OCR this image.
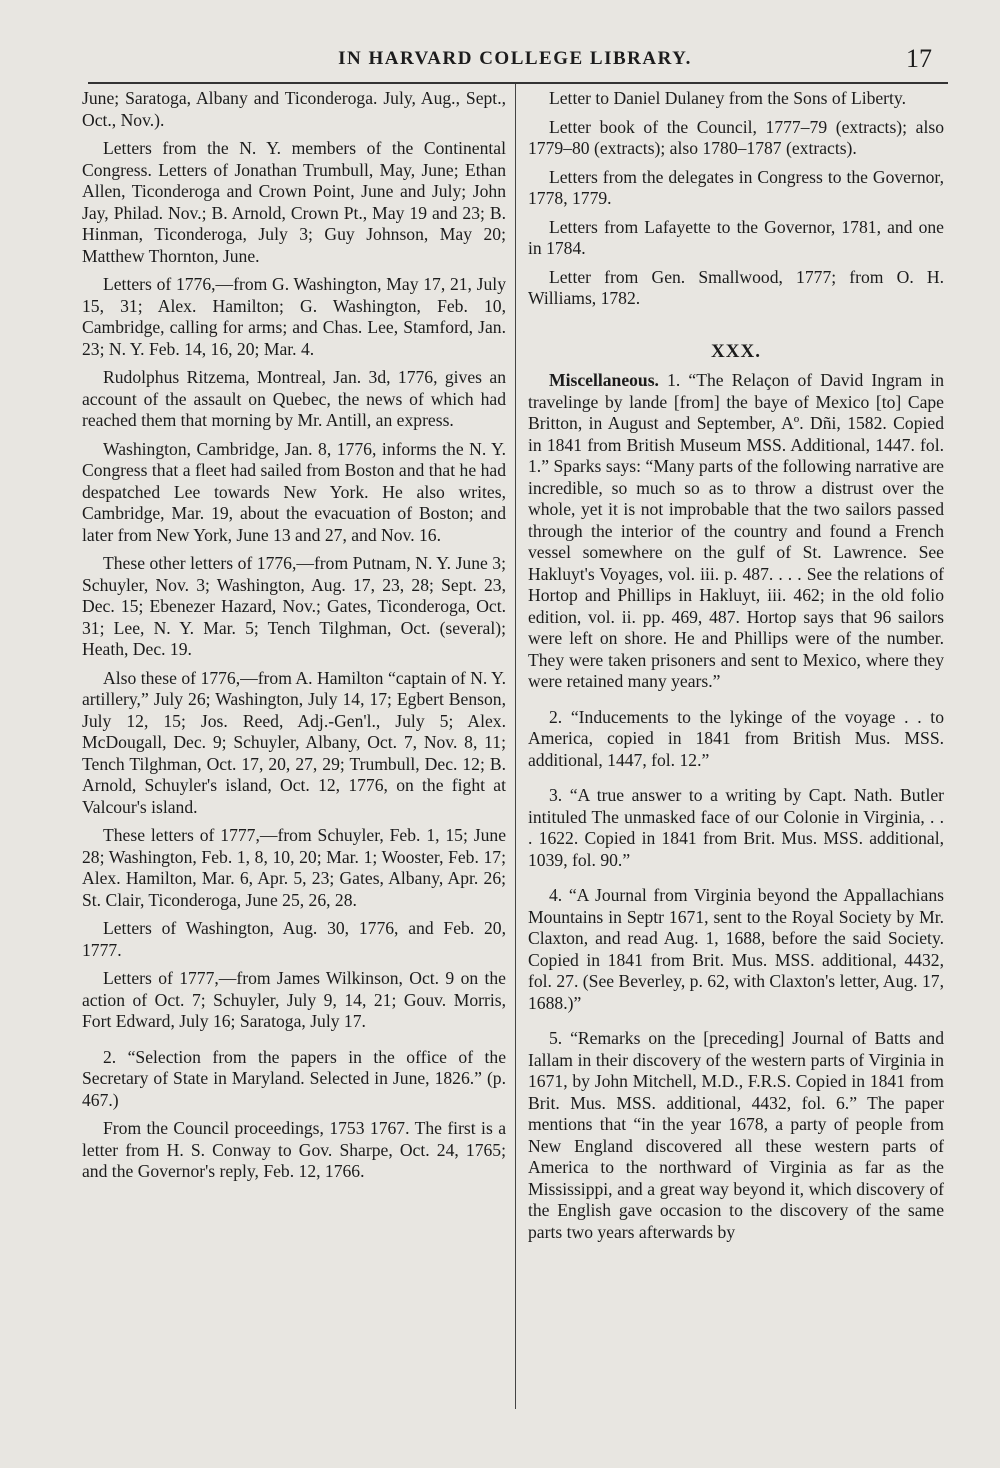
IN HARVARD COLLEGE LIBRARY.	17

June; Saratoga, Albany and Ticonderoga. July, Aug., Sept., Oct., Nov.).

Letters from the N. Y. members of the Continental Congress. Letters of Jonathan Trumbull, May, June; Ethan Allen, Ticonderoga and Crown Point, June and July; John Jay, Philad. Nov.; B. Arnold, Crown Pt., May 19 and 23; B. Hinman, Ticonderoga, July 3; Guy Johnson, May 20; Matthew Thornton, June.

Letters of 1776,—from G. Washington, May 17, 21, July 15, 31; Alex. Hamilton; G. Washington, Feb. 10, Cambridge, calling for arms; and Chas. Lee, Stamford, Jan. 23; N. Y. Feb. 14, 16, 20; Mar. 4.

Rudolphus Ritzema, Montreal, Jan. 3d, 1776, gives an account of the assault on Quebec, the news of which had reached them that morning by Mr. Antill, an express.

Washington, Cambridge, Jan. 8, 1776, informs the N. Y. Congress that a fleet had sailed from Boston and that he had despatched Lee towards New York. He also writes, Cambridge, Mar. 19, about the evacuation of Boston; and later from New York, June 13 and 27, and Nov. 16.

These other letters of 1776,—from Putnam, N. Y. June 3; Schuyler, Nov. 3; Washington, Aug. 17, 23, 28; Sept. 23, Dec. 15; Ebenezer Hazard, Nov.; Gates, Ticonderoga, Oct. 31; Lee, N. Y. Mar. 5; Tench Tilghman, Oct. (several); Heath, Dec. 19.

Also these of 1776,—from A. Hamilton “captain of N. Y. artillery,” July 26; Washington, July 14, 17; Egbert Benson, July 12, 15; Jos. Reed, Adj.-Gen'l., July 5; Alex. McDougall, Dec. 9; Schuyler, Albany, Oct. 7, Nov. 8, 11; Tench Tilghman, Oct. 17, 20, 27, 29; Trumbull, Dec. 12; B. Arnold, Schuyler's island, Oct. 12, 1776, on the fight at Valcour's island.

These letters of 1777,—from Schuyler, Feb. 1, 15; June 28; Washington, Feb. 1, 8, 10, 20; Mar. 1; Wooster, Feb. 17; Alex. Hamilton, Mar. 6, Apr. 5, 23; Gates, Albany, Apr. 26; St. Clair, Ticonderoga, June 25, 26, 28.

Letters of Washington, Aug. 30, 1776, and Feb. 20, 1777.

Letters of 1777,—from James Wilkinson, Oct. 9 on the action of Oct. 7; Schuyler, July 9, 14, 21; Gouv. Morris, Fort Edward, July 16; Saratoga, July 17.

2. “Selection from the papers in the office of the Secretary of State in Maryland. Selected in June, 1826.” (p. 467.)

From the Council proceedings, 1753 1767. The first is a letter from H. S. Conway to Gov. Sharpe, Oct. 24, 1765; and the Governor's reply, Feb. 12, 1766.

Letter to Daniel Dulaney from the Sons of Liberty.

Letter book of the Council, 1777–79 (extracts); also 1779–80 (extracts); also 1780–1787 (extracts).

Letters from the delegates in Congress to the Governor, 1778, 1779.

Letters from Lafayette to the Governor, 1781, and one in 1784.

Letter from Gen. Smallwood, 1777; from O. H. Williams, 1782.

XXX.

Miscellaneous. 1. “The Relaçon of David Ingram in travelinge by lande [from] the baye of Mexico [to] Cape Britton, in August and September, Aº. Dñi, 1582. Copied in 1841 from British Museum MSS. Additional, 1447. fol. 1.” Sparks says: “Many parts of the following narrative are incredible, so much so as to throw a distrust over the whole, yet it is not improbable that the two sailors passed through the interior of the country and found a French vessel somewhere on the gulf of St. Lawrence. See Hakluyt's Voyages, vol. iii. p. 487. . . . See the relations of Hortop and Phillips in Hakluyt, iii. 462; in the old folio edition, vol. ii. pp. 469, 487. Hortop says that 96 sailors were left on shore. He and Phillips were of the number. They were taken prisoners and sent to Mexico, where they were retained many years.”

2. “Inducements to the lykinge of the voyage . . to America, copied in 1841 from British Mus. MSS. additional, 1447, fol. 12.”

3. “A true answer to a writing by Capt. Nath. Butler intituled The unmasked face of our Colonie in Virginia, . . . 1622. Copied in 1841 from Brit. Mus. MSS. additional, 1039, fol. 90.”

4. “A Journal from Virginia beyond the Appallachians Mountains in Septr 1671, sent to the Royal Society by Mr. Claxton, and read Aug. 1, 1688, before the said Society. Copied in 1841 from Brit. Mus. MSS. additional, 4432, fol. 27. (See Beverley, p. 62, with Claxton's letter, Aug. 17, 1688.)”

5. “Remarks on the [preceding] Journal of Batts and Iallam in their discovery of the western parts of Virginia in 1671, by John Mitchell, M.D., F.R.S. Copied in 1841 from Brit. Mus. MSS. additional, 4432, fol. 6.” The paper mentions that “in the year 1678, a party of people from New England discovered all these western parts of America to the northward of Virginia as far as the Mississippi, and a great way beyond it, which discovery of the English gave occasion to the discovery of the same parts two years afterwards by
